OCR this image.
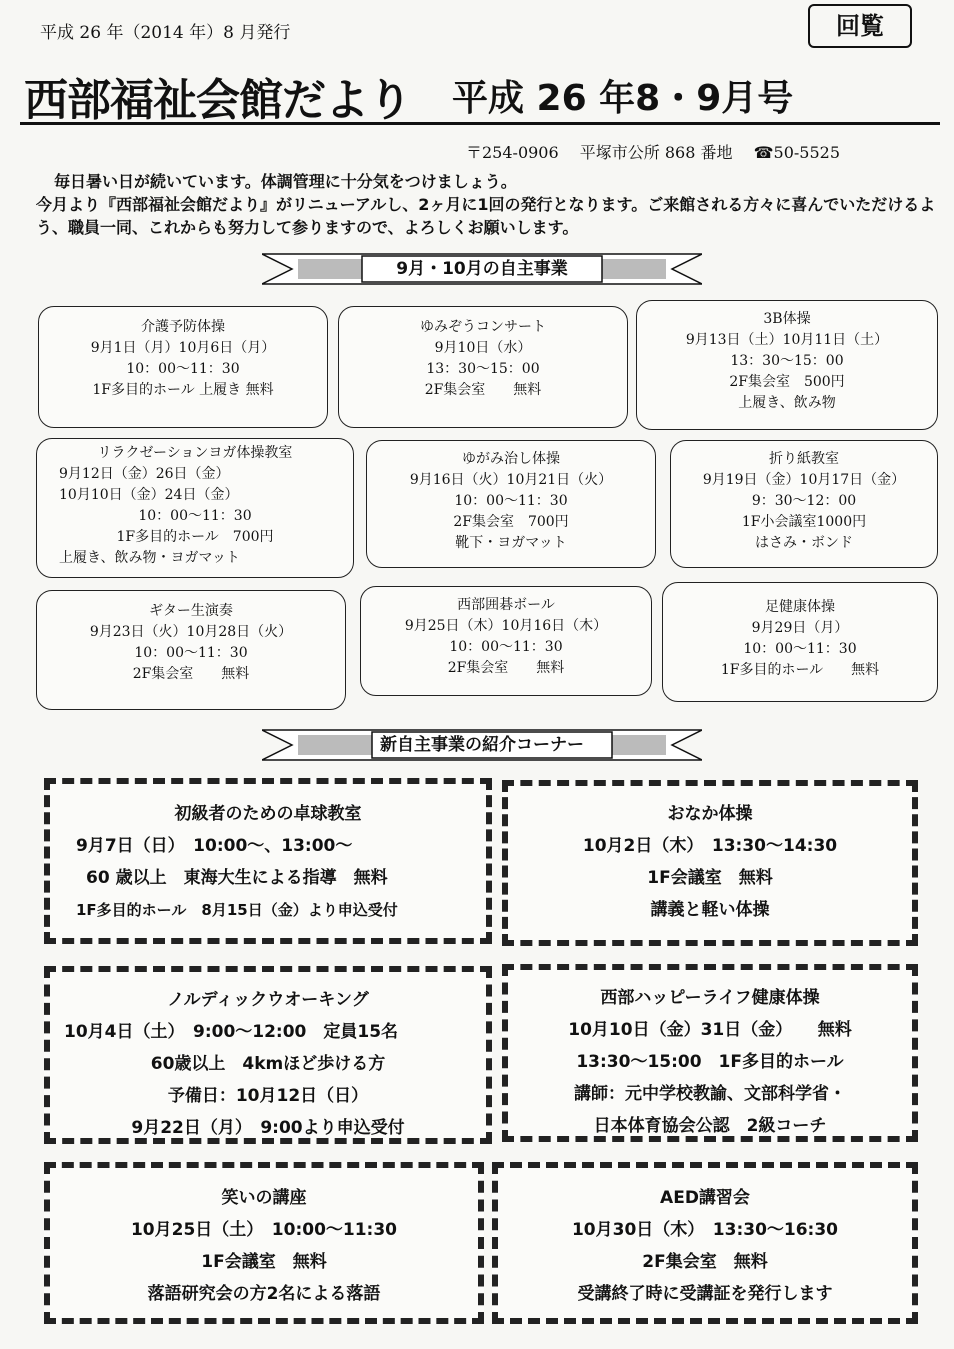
平成 26 年（2014 年）8 月発行	回覧
西部福祉会館だより 平成 26 年8・9月号
〒254-0906 平塚市公所 868 番地 ☎50-5525

毎日暑い日が続いています。体調管理に十分気をつけましょう。

今月より『西部福祉会館だより』がリニューアルし、2ヶ月に1回の発行となります。ご来館される方々に喜んでいただけるよう、職員一同、これからも努力して参りますので、よろしくお願いします。

9月・10月の自主事業
介護予防体操
9月1日（月）10月6日（月）
10：00～11：30
1F多目的ホール 上履き 無料
ゆみぞうコンサート
9月10日（水）
13：30～15：00
2F集会室　　無料
3B体操
9月13日（土）10月11日（土）
13：30～15：00
2F集会室　500円
上履き、飲み物
リラクゼーションヨガ体操教室
9月12日（金）26日（金）
10月10日（金）24日（金）
10：00～11：30
1F多目的ホール　700円
上履き、飲み物・ヨガマット
ゆがみ治し体操
9月16日（火）10月21日（火）
10：00～11：30
2F集会室　700円
靴下・ヨガマット
折り紙教室
9月19日（金）10月17日（金）
9：30～12：00
1F小会議室1000円
はさみ・ボンド
ギター生演奏
9月23日（火）10月28日（火）
10：00～11：30
2F集会室　　無料
西部囲碁ボール
9月25日（木）10月16日（木）
10：00～11：30
2F集会室　　無料
足健康体操
9月29日（月）
10：00～11：30
1F多目的ホール　　無料
新自主事業の紹介コーナー
初級者のための卓球教室
9月7日（日）　10:00～、13:00～
60 歳以上　東海大生による指導　無料
1F多目的ホール　8月15日（金）より申込受付
おなか体操
10月2日（木）　13:30～14:30
1F会議室　無料
講義と軽い体操
ノルディックウオーキング
10月4日（土）　9:00～12:00　定員15名
60歳以上　4kmほど歩ける方
予備日：10月12日（日）
9月22日（月）　9:00より申込受付
西部ハッピーライフ健康体操
10月10日（金）31日（金）　　無料
13:30～15:00　1F多目的ホール
講師：元中学校教諭、文部科学省・
日本体育協会公認　2級コーチ
笑いの講座
10月25日（土）　10:00～11:30
1F会議室　無料
落語研究会の方2名による落語
AED講習会
10月30日（木）　13:30～16:30
2F集会室　無料
受講終了時に受講証を発行します
